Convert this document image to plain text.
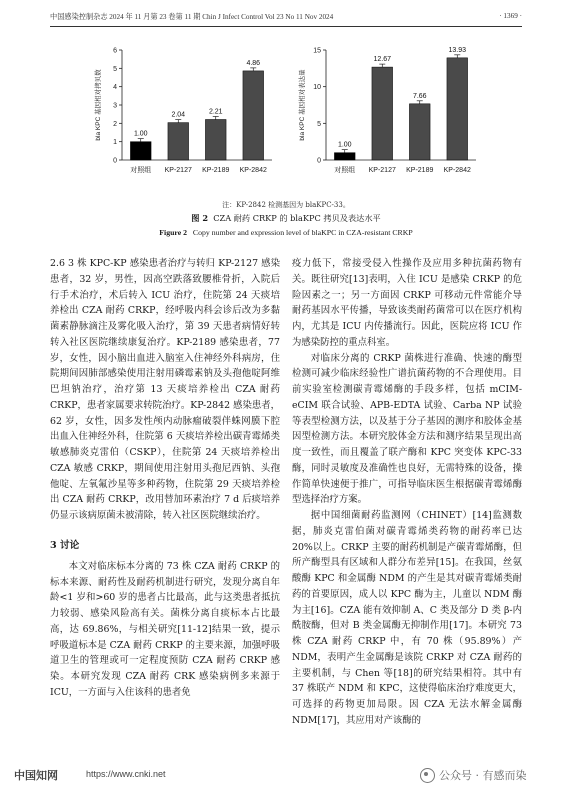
中国感染控制杂志 2024 年 11 月第 23 卷第 11 期 Chin J Infect Control Vol 23 No 11 Nov 2024	· 1369 ·
0
1
2
3
4
5
6
bla KPC 基因相对拷贝数	1.00
对照组
2.04
KP-2127
2.21
KP-2189
4.86
KP-2842
0
5
10
15
bla KPC 基因相对表达量
1.00
对照组
12.67
KP-2127
7.66
KP-2189
13.93
KP-2842
注：KP-2842 检测基因为 blaKPC-33。
图 2 CZA 耐药 CRKP 的 blaKPC 拷贝及表达水平
Figure 2 Copy number and expression level of blaKPC in CZA-resistant CRKP

2.6 3 株 KPC-KP 感染患者治疗与转归 KP-2127 感染患者，32 岁，男性，因高空跌落致腰椎骨折，入院后行手术治疗，术后转入 ICU 治疗，住院第 24 天痰培养检出 CZA 耐药 CRKP，经呼吸内科会诊后改为多黏菌素静脉滴注及雾化吸入治疗，第 39 天患者病情好转转入社区医院继续康复治疗。KP-2189 感染患者，77 岁，女性，因小脑出血进入脑室入住神经外科病房，住院期间因肺部感染使用注射用磷霉素钠及头孢他啶阿维巴坦钠治疗，治疗第 13 天痰培养检出 CZA 耐药 CRKP，患者家属要求转院治疗。KP-2842 感染患者，62 岁，女性，因多发性颅内动脉瘤破裂伴蛛网膜下腔出血入住神经外科，住院第 6 天痰培养检出碳青霉烯类敏感肺炎克雷伯（CSKP），住院第 24 天痰培养检出 CZA 敏感 CRKP，期间使用注射用头孢尼西钠、头孢他啶、左氧氟沙星等多种药物，住院第 29 天痰培养检出 CZA 耐药 CRKP，改用替加环素治疗 7 d 后痰培养仍显示该病原菌未被清除，转入社区医院继续治疗。

3 讨论

本文对临床标本分离的 73 株 CZA 耐药 CRKP 的标本来源、耐药性及耐药机制进行研究，发现分离自年龄<1 岁和>60 岁的患者占比最高，此与这类患者抵抗力较弱、感染风险高有关。菌株分离自痰标本占比最高，达 69.86%，与相关研究[11-12]结果一致，提示呼吸道标本是 CZA 耐药 CRKP 的主要来源，加强呼吸道卫生的管理或可一定程度预防 CZA 耐药 CRKP 感染。本研究发现 CZA 耐药 CRK 感染病例多来源于 ICU，一方面与入住该科的患者免

疫力低下，常接受侵入性操作及应用多种抗菌药物有关。既往研究[13]表明，入住 ICU 是感染 CRKP 的危险因素之一；另一方面因 CRKP 可移动元件常能介导耐药基因水平传播，导致该类耐药菌常可以在医疗机构内，尤其是 ICU 内传播流行。因此，医院应将 ICU 作为感染防控的重点科室。

对临床分离的 CRKP 菌株进行准确、快速的酶型检测可减少临床经验性广谱抗菌药物的不合理使用。目前实验室检测碳青霉烯酶的手段多样，包括 mCIM-eCIM 联合试验、APB-EDTA 试验、Carba NP 试验等表型检测方法，以及基于分子基因的测序和胶体金基因型检测方法。本研究胶体金方法和测序结果呈现出高度一致性，而且覆盖了联产酶和 KPC 突变体 KPC-33 酶，同时灵敏度及准确性也良好，无需特殊的设备，操作简单快速便于推广，可指导临床医生根据碳青霉烯酶型选择治疗方案。

据中国细菌耐药监测网（CHINET）[14]监测数据，肺炎克雷伯菌对碳青霉烯类药物的耐药率已达 20%以上。CRKP 主要的耐药机制是产碳青霉烯酶，但所产酶型具有区域和人群分布差异[15]。在我国，丝氨酸酶 KPC 和金属酶 NDM 的产生是其对碳青霉烯类耐药的首要原因，成人以 KPC 酶为主，儿童以 NDM 酶为主[16]。CZA 能有效抑制 A、C 类及部分 D 类 β-内酰胺酶，但对 B 类金属酶无抑制作用[17]。本研究 73 株 CZA 耐药 CRKP 中，有 70 株（95.89%）产 NDM，表明产生金属酶是该院 CRKP 对 CZA 耐药的主要机制，与 Chen 等[18]的研究结果相符。其中有 37 株联产 NDM 和 KPC，这使得临床治疗难度更大，可选择的药物更加局限。因 CZA 无法水解金属酶 NDM[17]，其应用对产该酶的

中国知网	https://www.cnki.net	公众号 · 有感而染
